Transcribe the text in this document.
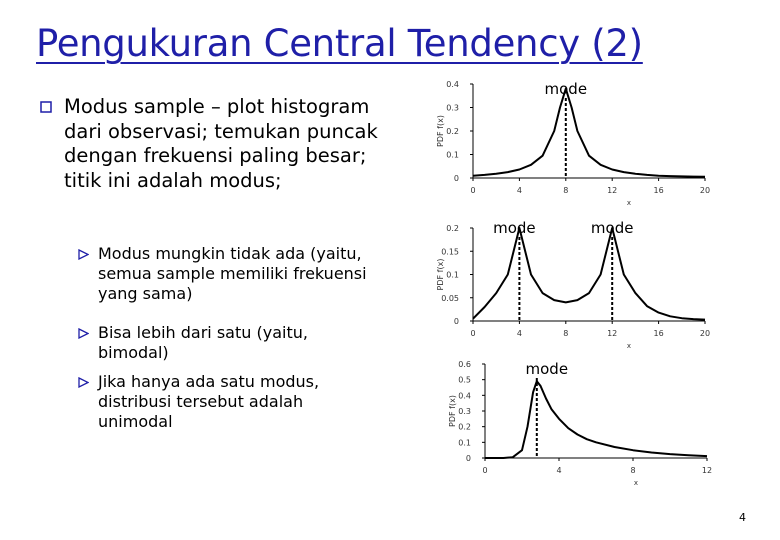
Pengukuran Central Tendency (2)
Modus sample – plot histogram dari observasi; temukan puncak dengan frekuensi paling besar; titik ini adalah modus;
Modus mungkin tidak ada (yaitu, semua sample memiliki frekuensi yang sama)
Bisa lebih dari satu (yaitu, bimodal)
Jika hanya ada satu modus, distribusi tersebut adalah unimodal
0
0.1
0.2
0.3
0.4
0	4	8	12	16	20
x
PDF f(x)
mode
0
0.05
0.1
0.15
0.2
0	4	8	12	16	20
x
PDF f(x)
mode	mode
0
0.1
0.2
0.3
0.4
0.5
0.6
0	4	8	12
x
PDF f(x)
mode
4
